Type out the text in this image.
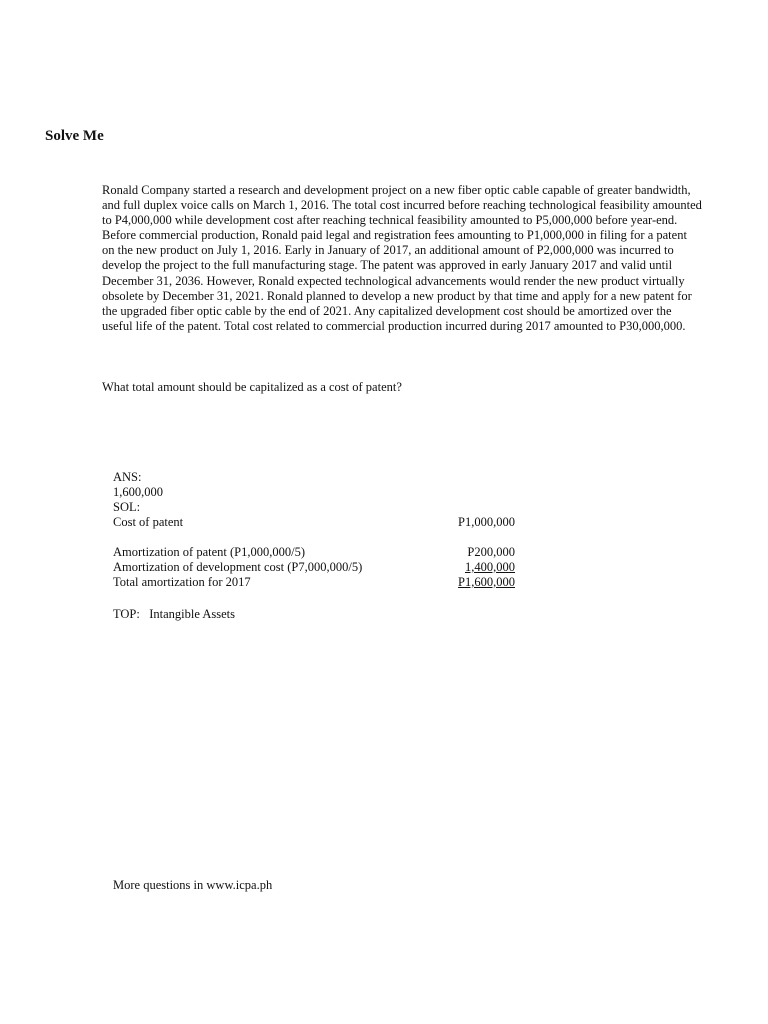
Solve Me

Ronald Company started a research and development project on a new fiber optic cable capable of greater bandwidth, and full duplex voice calls on March 1, 2016. The total cost incurred before reaching technological feasibility amounted to P4,000,000 while development cost after reaching technical feasibility amounted to P5,000,000 before year-end. Before commercial production, Ronald paid legal and registration fees amounting to P1,000,000 in filing for a patent on the new product on July 1, 2016. Early in January of 2017, an additional amount of P2,000,000 was incurred to develop the project to the full manufacturing stage. The patent was approved in early January 2017 and valid until December 31, 2036. However, Ronald expected technological advancements would render the new product virtually obsolete by December 31, 2021. Ronald planned to develop a new product by that time and apply for a new patent for the upgraded fiber optic cable by the end of 2021. Any capitalized development cost should be amortized over the useful life of the patent. Total cost related to commercial production incurred during 2017 amounted to P30,000,000.

What total amount should be capitalized as a cost of patent?

ANS:
1,600,000
SOL:
Cost of patent	P1,000,000
Amortization of patent (P1,000,000/5)	P200,000
Amortization of development cost (P7,000,000/5)	1,400,000
Total amortization for 2017	P1,600,000
TOP:   Intangible Assets

More questions in www.icpa.ph
